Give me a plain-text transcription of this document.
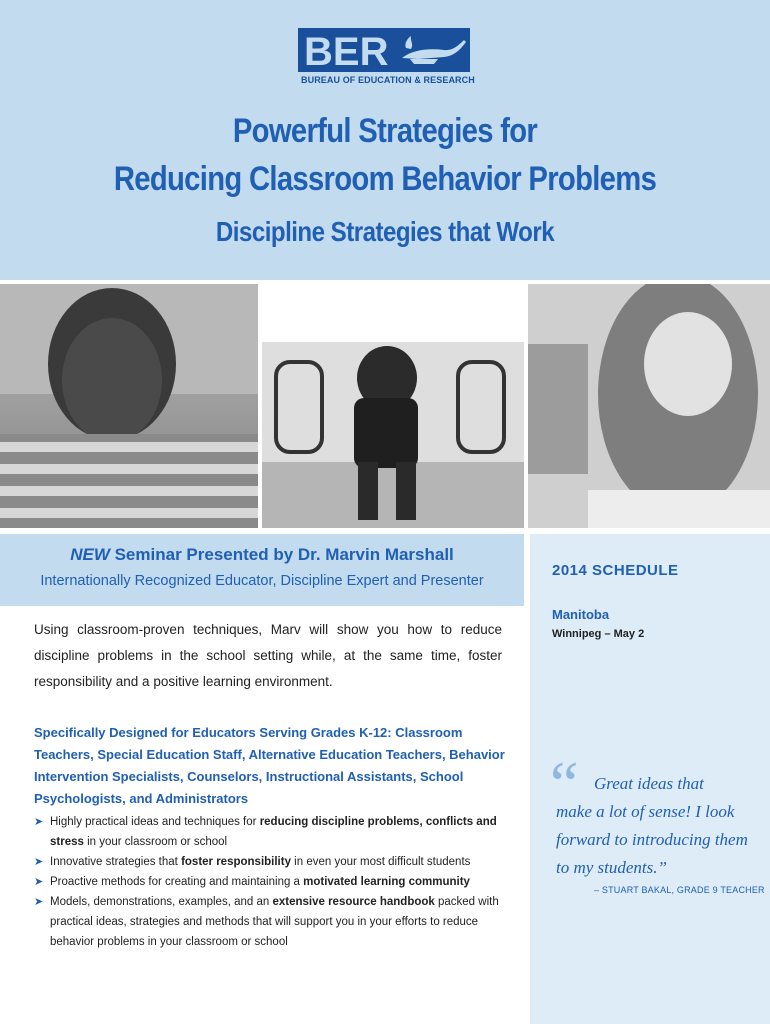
BER
BUREAU OF EDUCATION & RESEARCH
Powerful Strategies for
Reducing Classroom Behavior Problems
Discipline Strategies that Work
2014 SCHEDULE
Manitoba
Winnipeg – May 2
“ Great ideas that
make a lot of sense! I look
forward to introducing them
to my students.”
– STUART BAKAL, GRADE 9 TEACHER
NEW Seminar Presented by Dr. Marvin Marshall
Internationally Recognized Educator, Discipline Expert and Presenter
Using classroom-proven techniques, Marv will show you how to reduce discipline problems in the school setting while, at the same time, foster responsibility and a positive learning environment.
Specifically Designed for Educators Serving Grades K-12: Classroom Teachers, Special Education Staff, Alternative Education Teachers, Behavior Intervention Specialists, Counselors, Instructional Assistants, School Psychologists, and Administrators
➤ Highly practical ideas and techniques for reducing discipline problems, conflicts and stress in your classroom or school
➤ Innovative strategies that foster responsibility in even your most difficult students
➤ Proactive methods for creating and maintaining a motivated learning community
➤ Models, demonstrations, examples, and an extensive resource handbook packed with practical ideas, strategies and methods that will support you in your efforts to reduce behavior problems in your classroom or school
